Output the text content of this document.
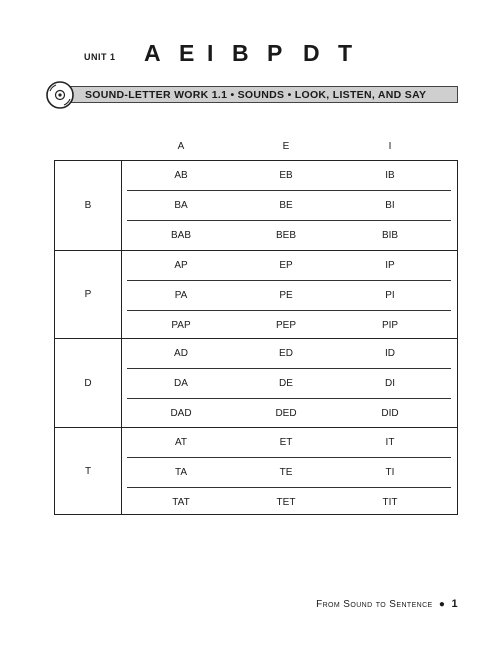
UNIT 1 A E I B P D T
SOUND-LETTER WORK 1.1 • SOUNDS • LOOK, LISTEN, AND SAY
A	E	I
B
AB	EB	IB
BA	BE	BI
BAB	BEB	BIB
P
AP	EP	IP
PA	PE	PI
PAP	PEP	PIP
D
AD	ED	ID
DA	DE	DI
DAD	DED	DID
T
AT	ET	IT
TA	TE	TI
TAT	TET	TIT
From Sound to Sentence ● 1
